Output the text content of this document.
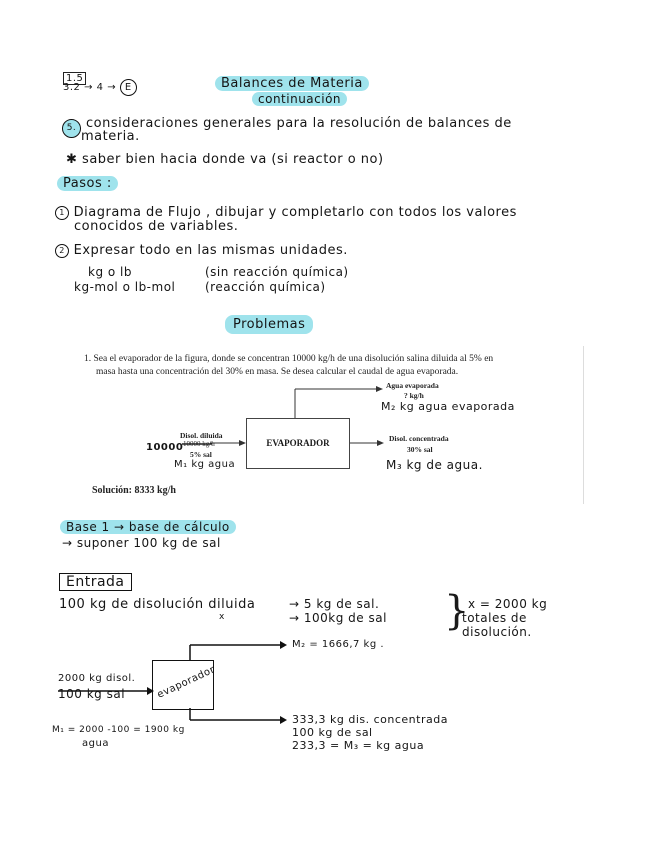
1.5
3.2 → 4 → E	Balances de Materia
continuación
5. consideraciones generales para la resolución de balances de
materia.
✱ saber bien hacia donde va (si reactor o no)
Pasos :
1 Diagrama de Flujo , dibujar y completarlo con todos los valores
conocidos de variables.
2 Expresar todo en las mismas unidades.
kg o lb	(sin reacción química)
kg-mol o lb-mol (reacción química)
Problemas
1. Sea el evaporador de la figura, donde se concentran 10000 kg/h de una disolución salina diluida al 5% en
masa hasta una concentración del 30% en masa. Se desea calcular el caudal de agua evaporada.
EVAPORADOR
Agua evaporada
? kg/h
Disol. diluida
10000 kg/h
5% sal
Disol. concentrada
30% sal
Solución: 8333 kg/h
10000
M₁ kg agua
M₂ kg agua evaporada
M₃ kg de agua.
Base 1 → base de cálculo
→ suponer 100 kg de sal
Entrada
100 kg de disolución diluida
x
→ 5 kg de sal.
→ 100kg de sal }
x = 2000 kg
totales de
disolución.
evaporador
M₂ = 1666,7 kg .
2000 kg disol.
100 kg sal
M₁ = 2000 -100 = 1900 kg
agua
333,3 kg dis. concentrada
100 kg de sal
233,3 = M₃ = kg agua
